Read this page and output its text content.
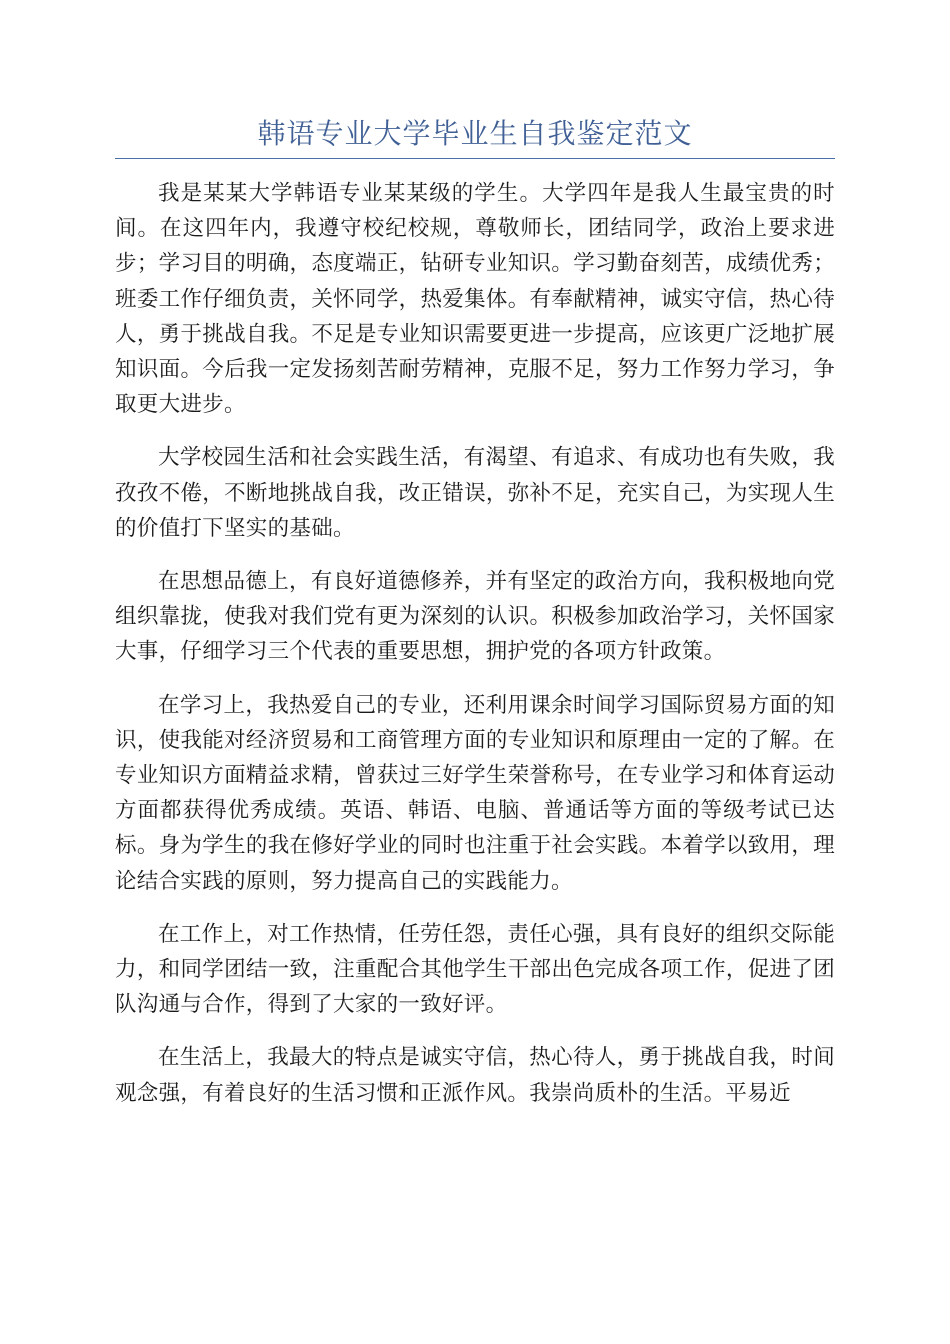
韩语专业大学毕业生自我鉴定范文

我是某某大学韩语专业某某级的学生。大学四年是我人生最宝贵的时间。在这四年内，我遵守校纪校规，尊敬师长，团结同学，政治上要求进步；学习目的明确，态度端正，钻研专业知识。学习勤奋刻苦，成绩优秀；班委工作仔细负责，关怀同学，热爱集体。有奉献精神，诚实守信，热心待人，勇于挑战自我。不足是专业知识需要更进一步提高，应该更广泛地扩展知识面。今后我一定发扬刻苦耐劳精神，克服不足，努力工作努力学习，争取更大进步。

大学校园生活和社会实践生活，有渴望、有追求、有成功也有失败，我孜孜不倦，不断地挑战自我，改正错误，弥补不足，充实自己，为实现人生的价值打下坚实的基础。

在思想品德上，有良好道德修养，并有坚定的政治方向，我积极地向党组织靠拢，使我对我们党有更为深刻的认识。积极参加政治学习，关怀国家大事，仔细学习三个代表的重要思想，拥护党的各项方针政策。

在学习上，我热爱自己的专业，还利用课余时间学习国际贸易方面的知识，使我能对经济贸易和工商管理方面的专业知识和原理由一定的了解。在专业知识方面精益求精，曾获过三好学生荣誉称号，在专业学习和体育运动方面都获得优秀成绩。英语、韩语、电脑、普通话等方面的等级考试已达标。身为学生的我在修好学业的同时也注重于社会实践。本着学以致用，理论结合实践的原则，努力提高自己的实践能力。

在工作上，对工作热情，任劳任怨，责任心强，具有良好的组织交际能力，和同学团结一致，注重配合其他学生干部出色完成各项工作，促进了团队沟通与合作，得到了大家的一致好评。

在生活上，我最大的特点是诚实守信，热心待人，勇于挑战自我，时间观念强，有着良好的生活习惯和正派作风。我崇尚质朴的生活。平易近
